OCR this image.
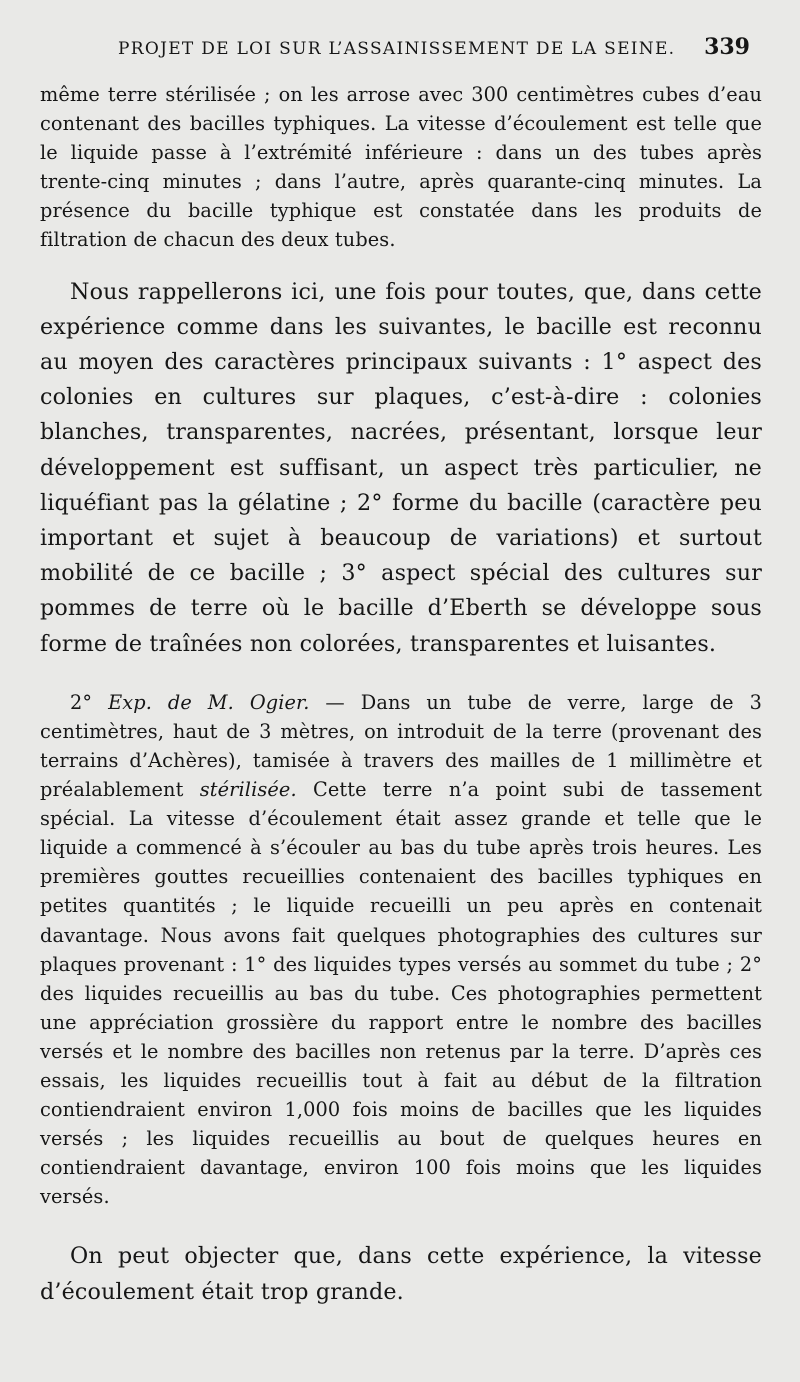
PROJET DE LOI SUR L’ASSAINISSEMENT DE LA SEINE. 339

même terre stérilisée ; on les arrose avec 300 centimètres cubes d’eau contenant des bacilles typhiques. La vitesse d’écoulement est telle que le liquide passe à l’extrémité inférieure : dans un des tubes après trente-cinq minutes ; dans l’autre, après quarante-cinq minutes. La présence du bacille typhique est constatée dans les produits de filtration de chacun des deux tubes.

Nous rappellerons ici, une fois pour toutes, que, dans cette expérience comme dans les suivantes, le bacille est reconnu au moyen des caractères principaux suivants : 1° aspect des colonies en cultures sur plaques, c’est-à-dire : colonies blanches, transparentes, nacrées, présentant, lorsque leur développement est suffisant, un aspect très particulier, ne liquéfiant pas la gélatine ; 2° forme du bacille (caractère peu important et sujet à beaucoup de variations) et surtout mobilité de ce bacille ; 3° aspect spécial des cultures sur pommes de terre où le bacille d’Eberth se développe sous forme de traînées non colorées, transparentes et luisantes.

2° Exp. de M. Ogier. — Dans un tube de verre, large de 3 centimètres, haut de 3 mètres, on introduit de la terre (provenant des terrains d’Achères), tamisée à travers des mailles de 1 millimètre et préalablement stérilisée. Cette terre n’a point subi de tassement spécial. La vitesse d’écoulement était assez grande et telle que le liquide a commencé à s’écouler au bas du tube après trois heures. Les premières gouttes recueillies contenaient des bacilles typhiques en petites quantités ; le liquide recueilli un peu après en contenait davantage. Nous avons fait quelques photographies des cultures sur plaques provenant : 1° des liquides types versés au sommet du tube ; 2° des liquides recueillis au bas du tube. Ces photographies permettent une appréciation grossière du rapport entre le nombre des bacilles versés et le nombre des bacilles non retenus par la terre. D’après ces essais, les liquides recueillis tout à fait au début de la filtration contiendraient environ 1,000 fois moins de bacilles que les liquides versés ; les liquides recueillis au bout de quelques heures en contiendraient davantage, environ 100 fois moins que les liquides versés.

On peut objecter que, dans cette expérience, la vitesse d’écoulement était trop grande.
